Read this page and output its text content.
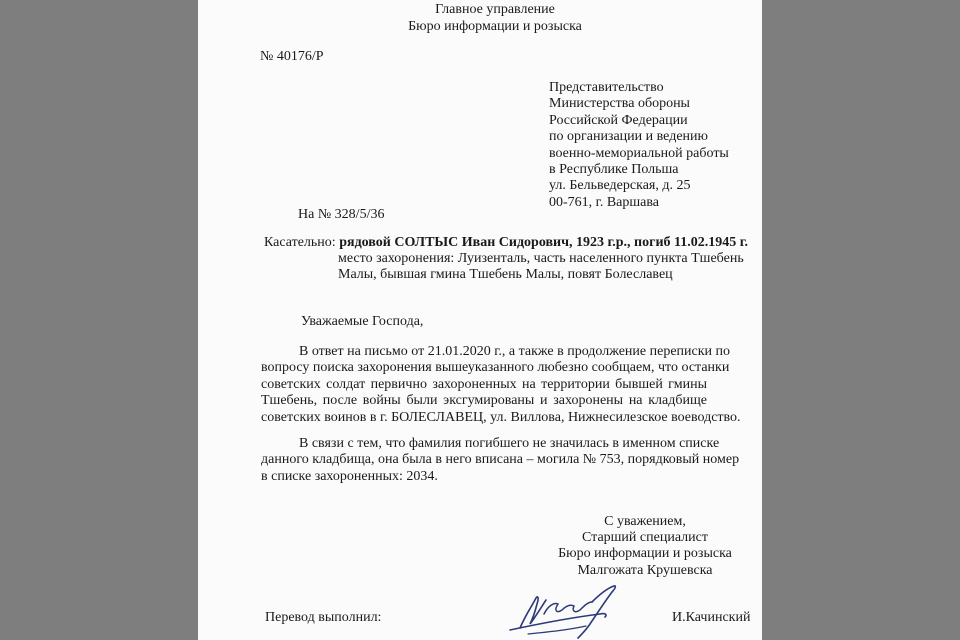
Главное управление
Бюро информации и розыска
№ 40176/Р
Представительство
Министерства обороны
Российской Федерации
по организации и ведению
военно-мемориальной работы
в Республике Польша
ул. Бельведерская, д. 25
00-761, г. Варшава
На № 328/5/36
Касательно: рядовой СОЛТЫС Иван Сидорович, 1923 г.р., погиб 11.02.1945 г.
место захоронения: Луизенталь, часть населенного пункта Тшебень
Малы, бывшая гмина Тшебень Малы, повят Болеславец
Уважаемые Господа,
В ответ на письмо от 21.01.2020 г., а также в продолжение переписки по
вопросу поиска захоронения вышеуказанного любезно сообщаем, что останки
советских солдат первично захороненных на территории бывшей гмины
Тшебень, после войны были эксгумированы и захоронены на кладбище
советских воинов в г. БОЛЕСЛАВЕЦ, ул. Виллова, Нижнесилезское воеводство.
В связи с тем, что фамилия погибшего не значилась в именном списке
данного кладбища, она была в него вписана – могила № 753, порядковый номер
в списке захороненных: 2034.
С уважением,
Старший специалист
Бюро информации и розыска
Малгожата Крушевска
Перевод выполнил:	И.Качинский
